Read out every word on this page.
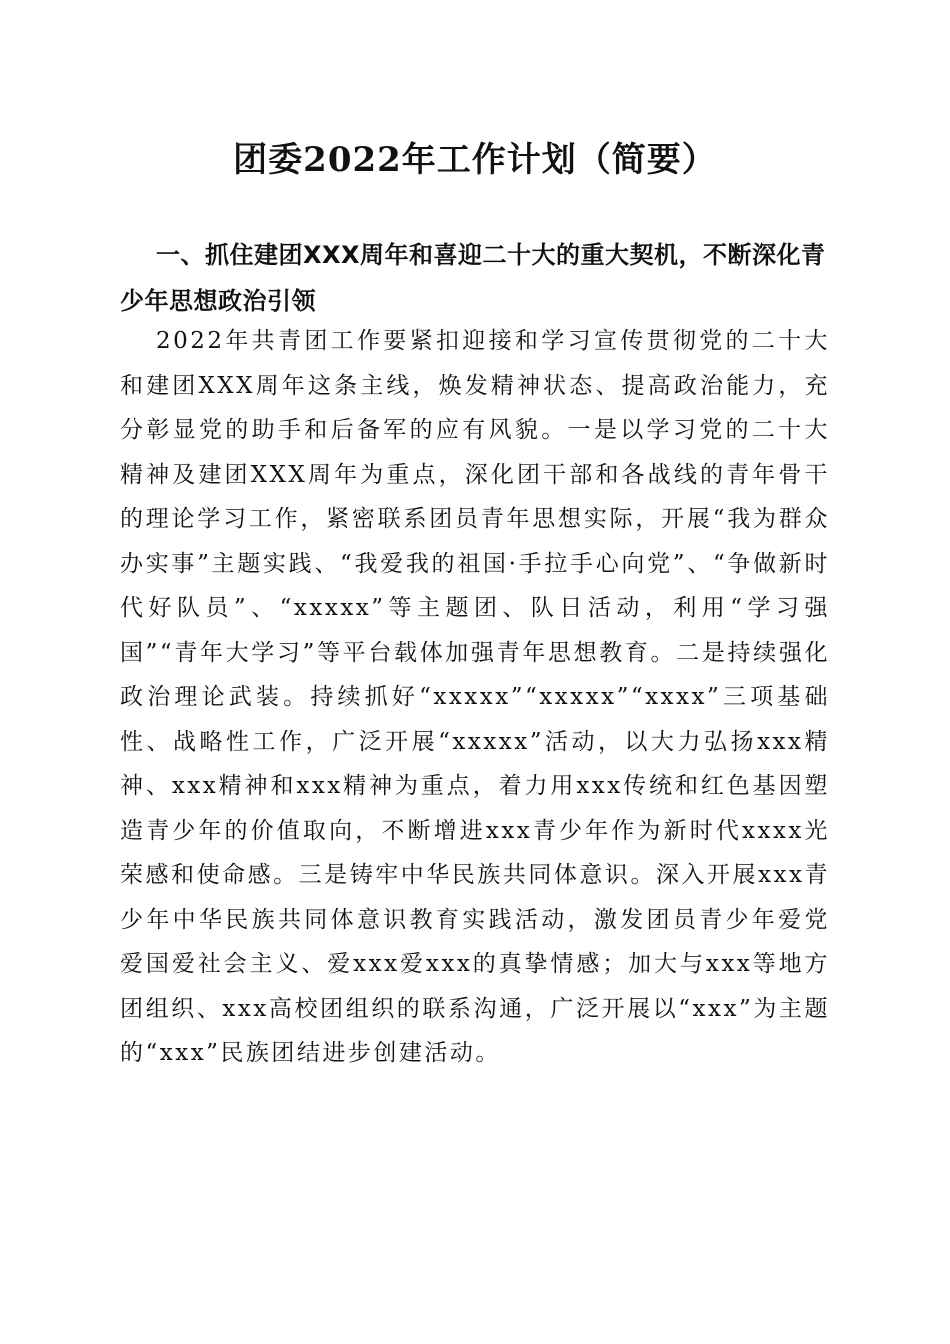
团委2022年工作计划（简要）
一、抓住建团XXX周年和喜迎二十大的重大契机，不断深化青少年思想政治引领
2022年共青团工作要紧扣迎接和学习宣传贯彻党的二十大和建团XXX周年这条主线，焕发精神状态、提高政治能力，充分彰显党的助手和后备军的应有风貌。一是以学习党的二十大精神及建团XXX周年为重点，深化团干部和各战线的青年骨干的理论学习工作，紧密联系团员青年思想实际，开展“我为群众办实事”主题实践、“我爱我的祖国·手拉手心向党”、“争做新时代好队员”、“xxxxx”等主题团、队日活动，利用“学习强国”“青年大学习”等平台载体加强青年思想教育。二是持续强化政治理论武装。持续抓好“xxxxx”“xxxxx”“xxxx”三项基础性、战略性工作，广泛开展“xxxxx”活动，以大力弘扬xxx精神、xxx精神和xxx精神为重点，着力用xxx传统和红色基因塑造青少年的价值取向，不断增进xxx青少年作为新时代xxxx光荣感和使命感。三是铸牢中华民族共同体意识。深入开展xxx青少年中华民族共同体意识教育实践活动，激发团员青少年爱党爱国爱社会主义、爱xxx爱xxx的真挚情感；加大与xxx等地方团组织、xxx高校团组织的联系沟通，广泛开展以“xxx”为主题的“xxx”民族团结进步创建活动。
